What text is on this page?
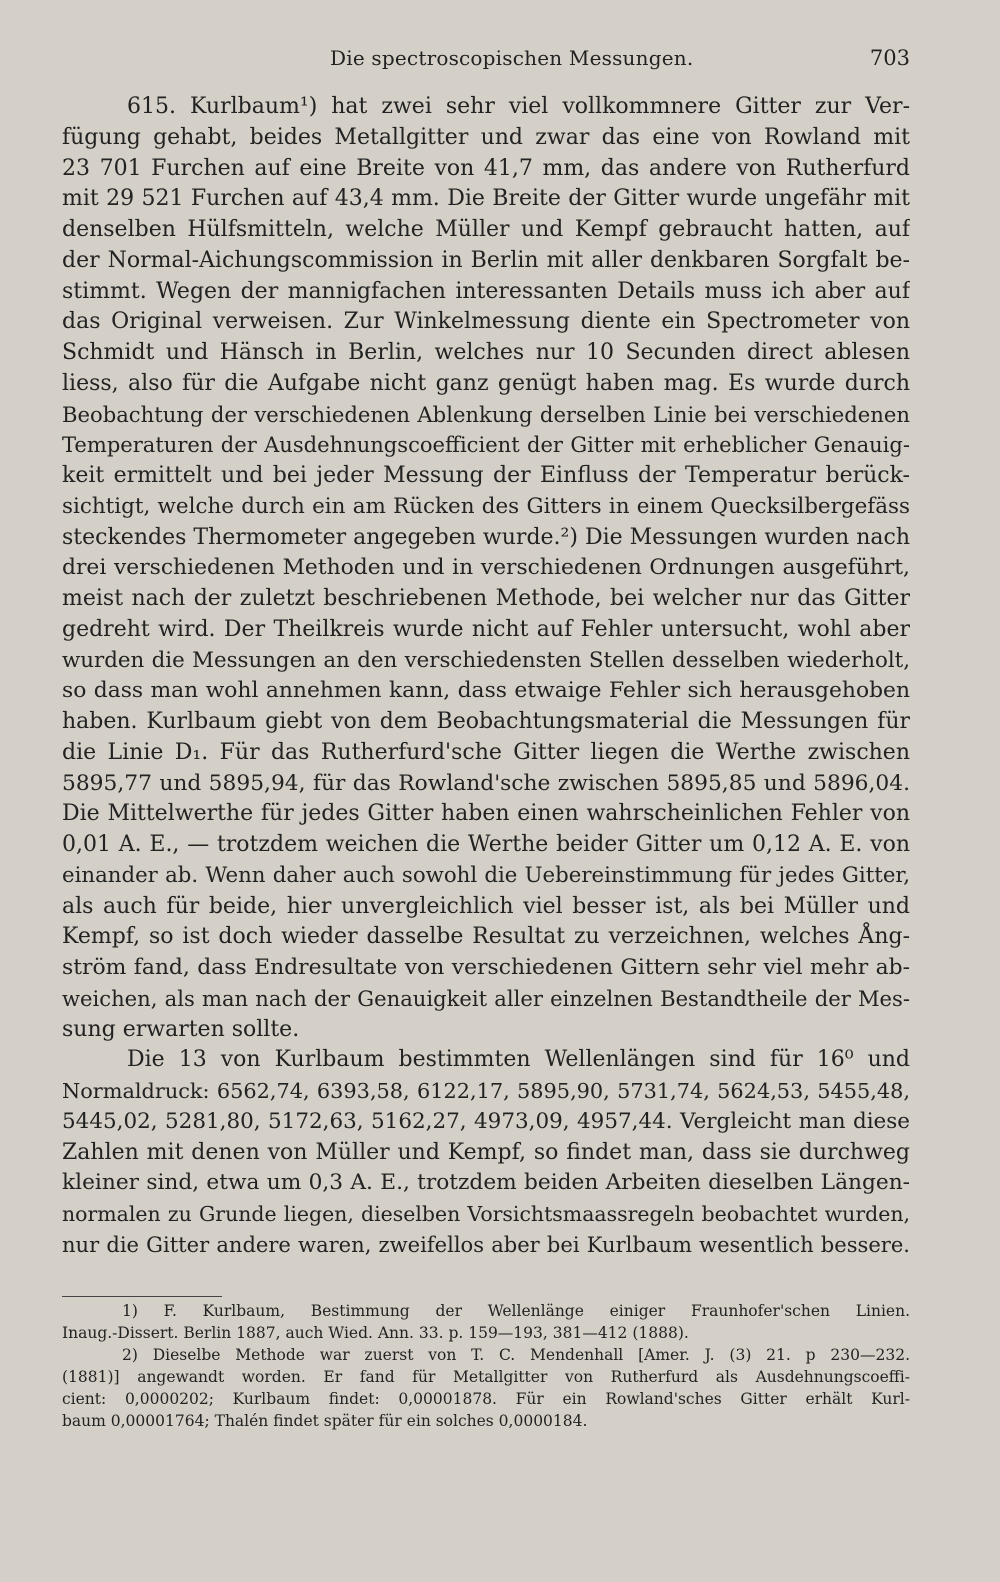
Die spectroscopischen Messungen.	703
615. Kurlbaum¹) hat zwei sehr viel vollkommnere Gitter zur Ver-
fügung gehabt, beides Metallgitter und zwar das eine von Rowland mit
23 701 Furchen auf eine Breite von 41,7 mm, das andere von Rutherfurd
mit 29 521 Furchen auf 43,4 mm. Die Breite der Gitter wurde ungefähr mit
denselben Hülfsmitteln, welche Müller und Kempf gebraucht hatten, auf
der Normal-Aichungscommission in Berlin mit aller denkbaren Sorgfalt be-
stimmt. Wegen der mannigfachen interessanten Details muss ich aber auf
das Original verweisen. Zur Winkelmessung diente ein Spectrometer von
Schmidt und Hänsch in Berlin, welches nur 10 Secunden direct ablesen
liess, also für die Aufgabe nicht ganz genügt haben mag. Es wurde durch
Beobachtung der verschiedenen Ablenkung derselben Linie bei verschiedenen
Temperaturen der Ausdehnungscoefficient der Gitter mit erheblicher Genauig-
keit ermittelt und bei jeder Messung der Einfluss der Temperatur berück-
sichtigt, welche durch ein am Rücken des Gitters in einem Quecksilbergefäss
steckendes Thermometer angegeben wurde.²) Die Messungen wurden nach
drei verschiedenen Methoden und in verschiedenen Ordnungen ausgeführt,
meist nach der zuletzt beschriebenen Methode, bei welcher nur das Gitter
gedreht wird. Der Theilkreis wurde nicht auf Fehler untersucht, wohl aber
wurden die Messungen an den verschiedensten Stellen desselben wiederholt,
so dass man wohl annehmen kann, dass etwaige Fehler sich herausgehoben
haben. Kurlbaum giebt von dem Beobachtungsmaterial die Messungen für
die Linie D₁. Für das Rutherfurd'sche Gitter liegen die Werthe zwischen
5895,77 und 5895,94, für das Rowland'sche zwischen 5895,85 und 5896,04.
Die Mittelwerthe für jedes Gitter haben einen wahrscheinlichen Fehler von
0,01 A. E., — trotzdem weichen die Werthe beider Gitter um 0,12 A. E. von
einander ab. Wenn daher auch sowohl die Uebereinstimmung für jedes Gitter,
als auch für beide, hier unvergleichlich viel besser ist, als bei Müller und
Kempf, so ist doch wieder dasselbe Resultat zu verzeichnen, welches Ång-
ström fand, dass Endresultate von verschiedenen Gittern sehr viel mehr ab-
weichen, als man nach der Genauigkeit aller einzelnen Bestandtheile der Mes-
sung erwarten sollte.
Die 13 von Kurlbaum bestimmten Wellenlängen sind für 16⁰ und
Normaldruck: 6562,74, 6393,58, 6122,17, 5895,90, 5731,74, 5624,53, 5455,48,
5445,02, 5281,80, 5172,63, 5162,27, 4973,09, 4957,44. Vergleicht man diese
Zahlen mit denen von Müller und Kempf, so findet man, dass sie durchweg
kleiner sind, etwa um 0,3 A. E., trotzdem beiden Arbeiten dieselben Längen-
normalen zu Grunde liegen, dieselben Vorsichtsmaassregeln beobachtet wurden,
nur die Gitter andere waren, zweifellos aber bei Kurlbaum wesentlich bessere.
1) F. Kurlbaum, Bestimmung der Wellenlänge einiger Fraunhofer'schen Linien.
Inaug.-Dissert. Berlin 1887, auch Wied. Ann. 33. p. 159—193, 381—412 (1888).
2) Dieselbe Methode war zuerst von T. C. Mendenhall [Amer. J. (3) 21. p 230—232.
(1881)] angewandt worden. Er fand für Metallgitter von Rutherfurd als Ausdehnungscoeffi-
cient: 0,0000202; Kurlbaum findet: 0,00001878. Für ein Rowland'sches Gitter erhält Kurl-
baum 0,00001764; Thalén findet später für ein solches 0,0000184.
